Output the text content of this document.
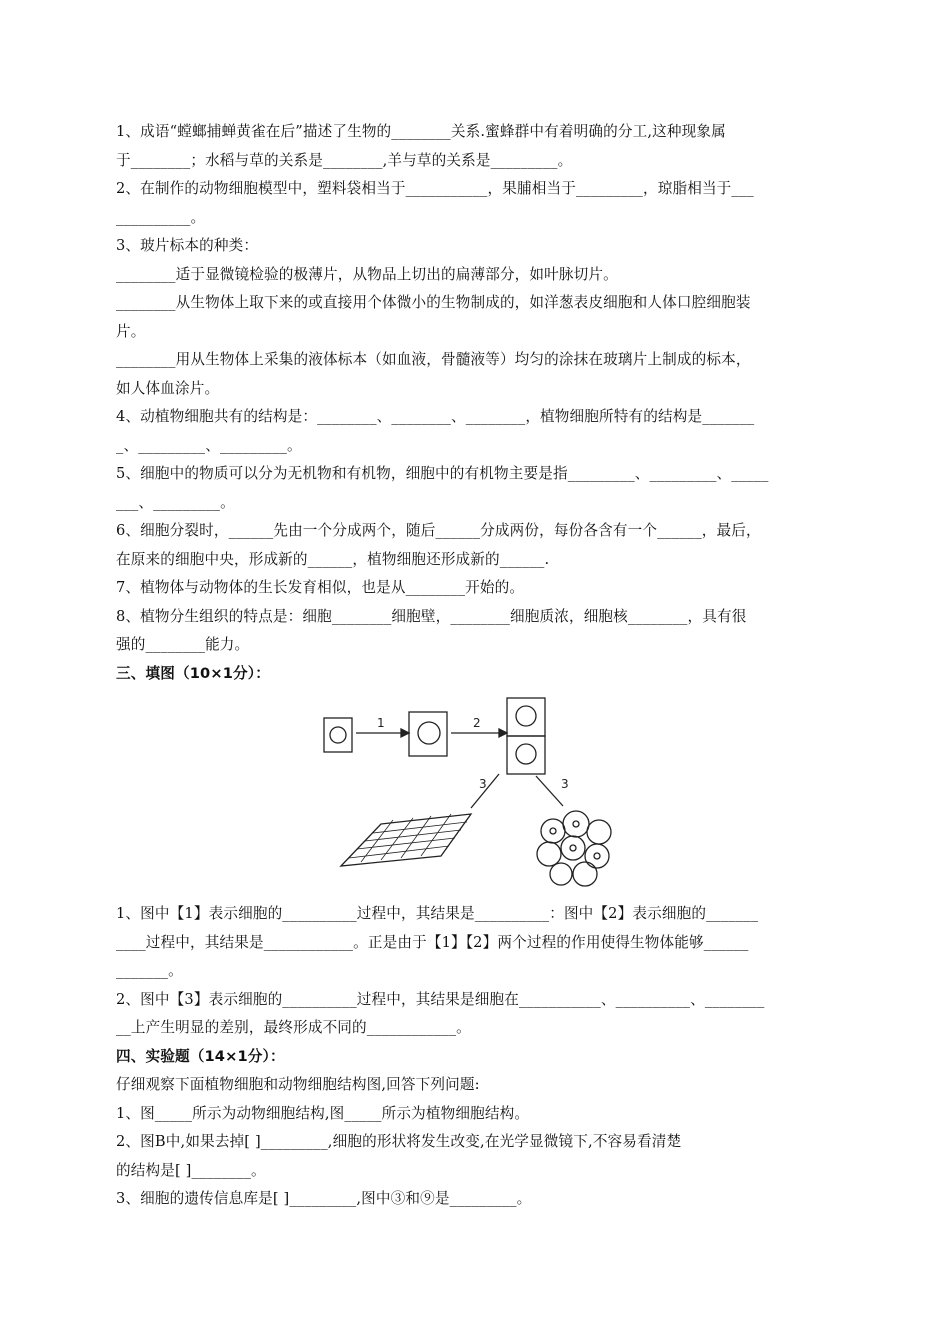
1、成语“螳螂捕蝉黄雀在后”描述了生物的________关系.蜜蜂群中有着明确的分工,这种现象属
于________；水稻与草的关系是________,羊与草的关系是_________。
2、在制作的动物细胞模型中，塑料袋相当于___________，果脯相当于_________，琼脂相当于___
__________。
3、玻片标本的种类：
________适于显微镜检验的极薄片，从物品上切出的扁薄部分，如叶脉切片。
________从生物体上取下来的或直接用个体微小的生物制成的，如洋葱表皮细胞和人体口腔细胞装
片。
________用从生物体上采集的液体标本（如血液，骨髓液等）均匀的涂抹在玻璃片上制成的标本，
如人体血涂片。
4、动植物细胞共有的结构是：________、________、________，植物细胞所特有的结构是_______
_、_________、_________。
5、细胞中的物质可以分为无机物和有机物，细胞中的有机物主要是指_________、_________、_____
___、_________。
6、细胞分裂时，______先由一个分成两个，随后______分成两份，每份各含有一个______，最后，
在原来的细胞中央，形成新的______，植物细胞还形成新的______.
7、植物体与动物体的生长发育相似，也是从________开始的。
8、植物分生组织的特点是：细胞________细胞壁，________细胞质浓，细胞核________，具有很
强的________能力。
三、填图（10×1分）：
1	2
3	3
1、图中【1】表示细胞的__________过程中，其结果是__________：图中【2】表示细胞的_______
____过程中，其结果是____________。正是由于【1】【2】两个过程的作用使得生物体能够______
_______。
2、图中【3】表示细胞的__________过程中，其结果是细胞在___________、__________、________
__上产生明显的差别，最终形成不同的____________。
四、实验题（14×1分）：
仔细观察下面植物细胞和动物细胞结构图,回答下列问题:
1、图_____所示为动物细胞结构,图_____所示为植物细胞结构。
2、图B中,如果去掉[ ]_________,细胞的形状将发生改变,在光学显微镜下,不容易看清楚
的结构是[ ]________。
3、细胞的遗传信息库是[ ]_________,图中③和⑨是_________。
